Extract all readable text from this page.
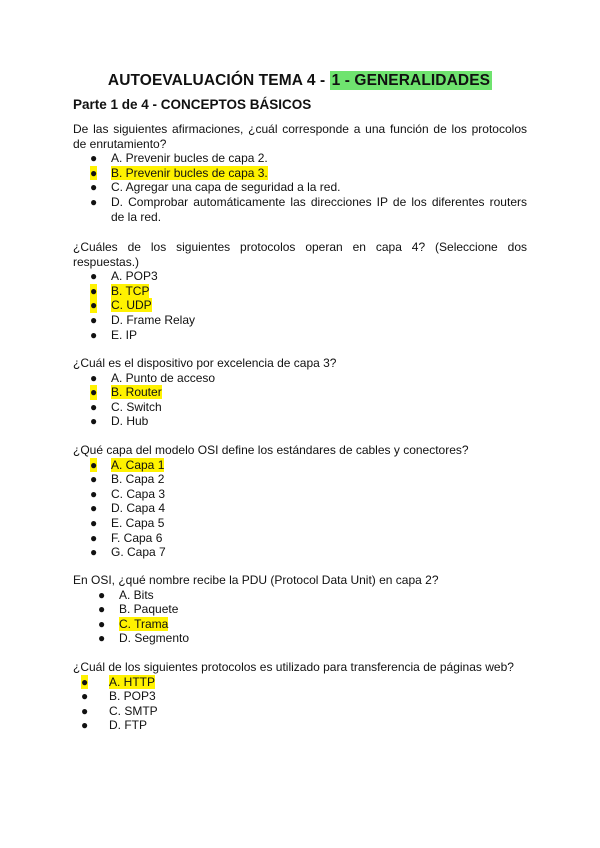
AUTOEVALUACIÓN TEMA 4 - 1 - GENERALIDADES
Parte 1 de 4 - CONCEPTOS BÁSICOS
De las siguientes afirmaciones, ¿cuál corresponde a una función de los protocolos de enrutamiento?
● A. Prevenir bucles de capa 2.
● B. Prevenir bucles de capa 3.
● C. Agregar una capa de seguridad a la red.
● D. Comprobar automáticamente las direcciones IP de los diferentes routers de la red.
¿Cuáles de los siguientes protocolos operan en capa 4? (Seleccione dos respuestas.)
● A. POP3
● B. TCP
● C. UDP
● D. Frame Relay
● E. IP
¿Cuál es el dispositivo por excelencia de capa 3?
● A. Punto de acceso
● B. Router
● C. Switch
● D. Hub
¿Qué capa del modelo OSI define los estándares de cables y conectores?
● A. Capa 1
● B. Capa 2
● C. Capa 3
● D. Capa 4
● E. Capa 5
● F. Capa 6
● G. Capa 7
En OSI, ¿qué nombre recibe la PDU (Protocol Data Unit) en capa 2?
● A. Bits
● B. Paquete
● C. Trama
● D. Segmento
¿Cuál de los siguientes protocolos es utilizado para transferencia de páginas web?
● A. HTTP
● B. POP3
● C. SMTP
● D. FTP
